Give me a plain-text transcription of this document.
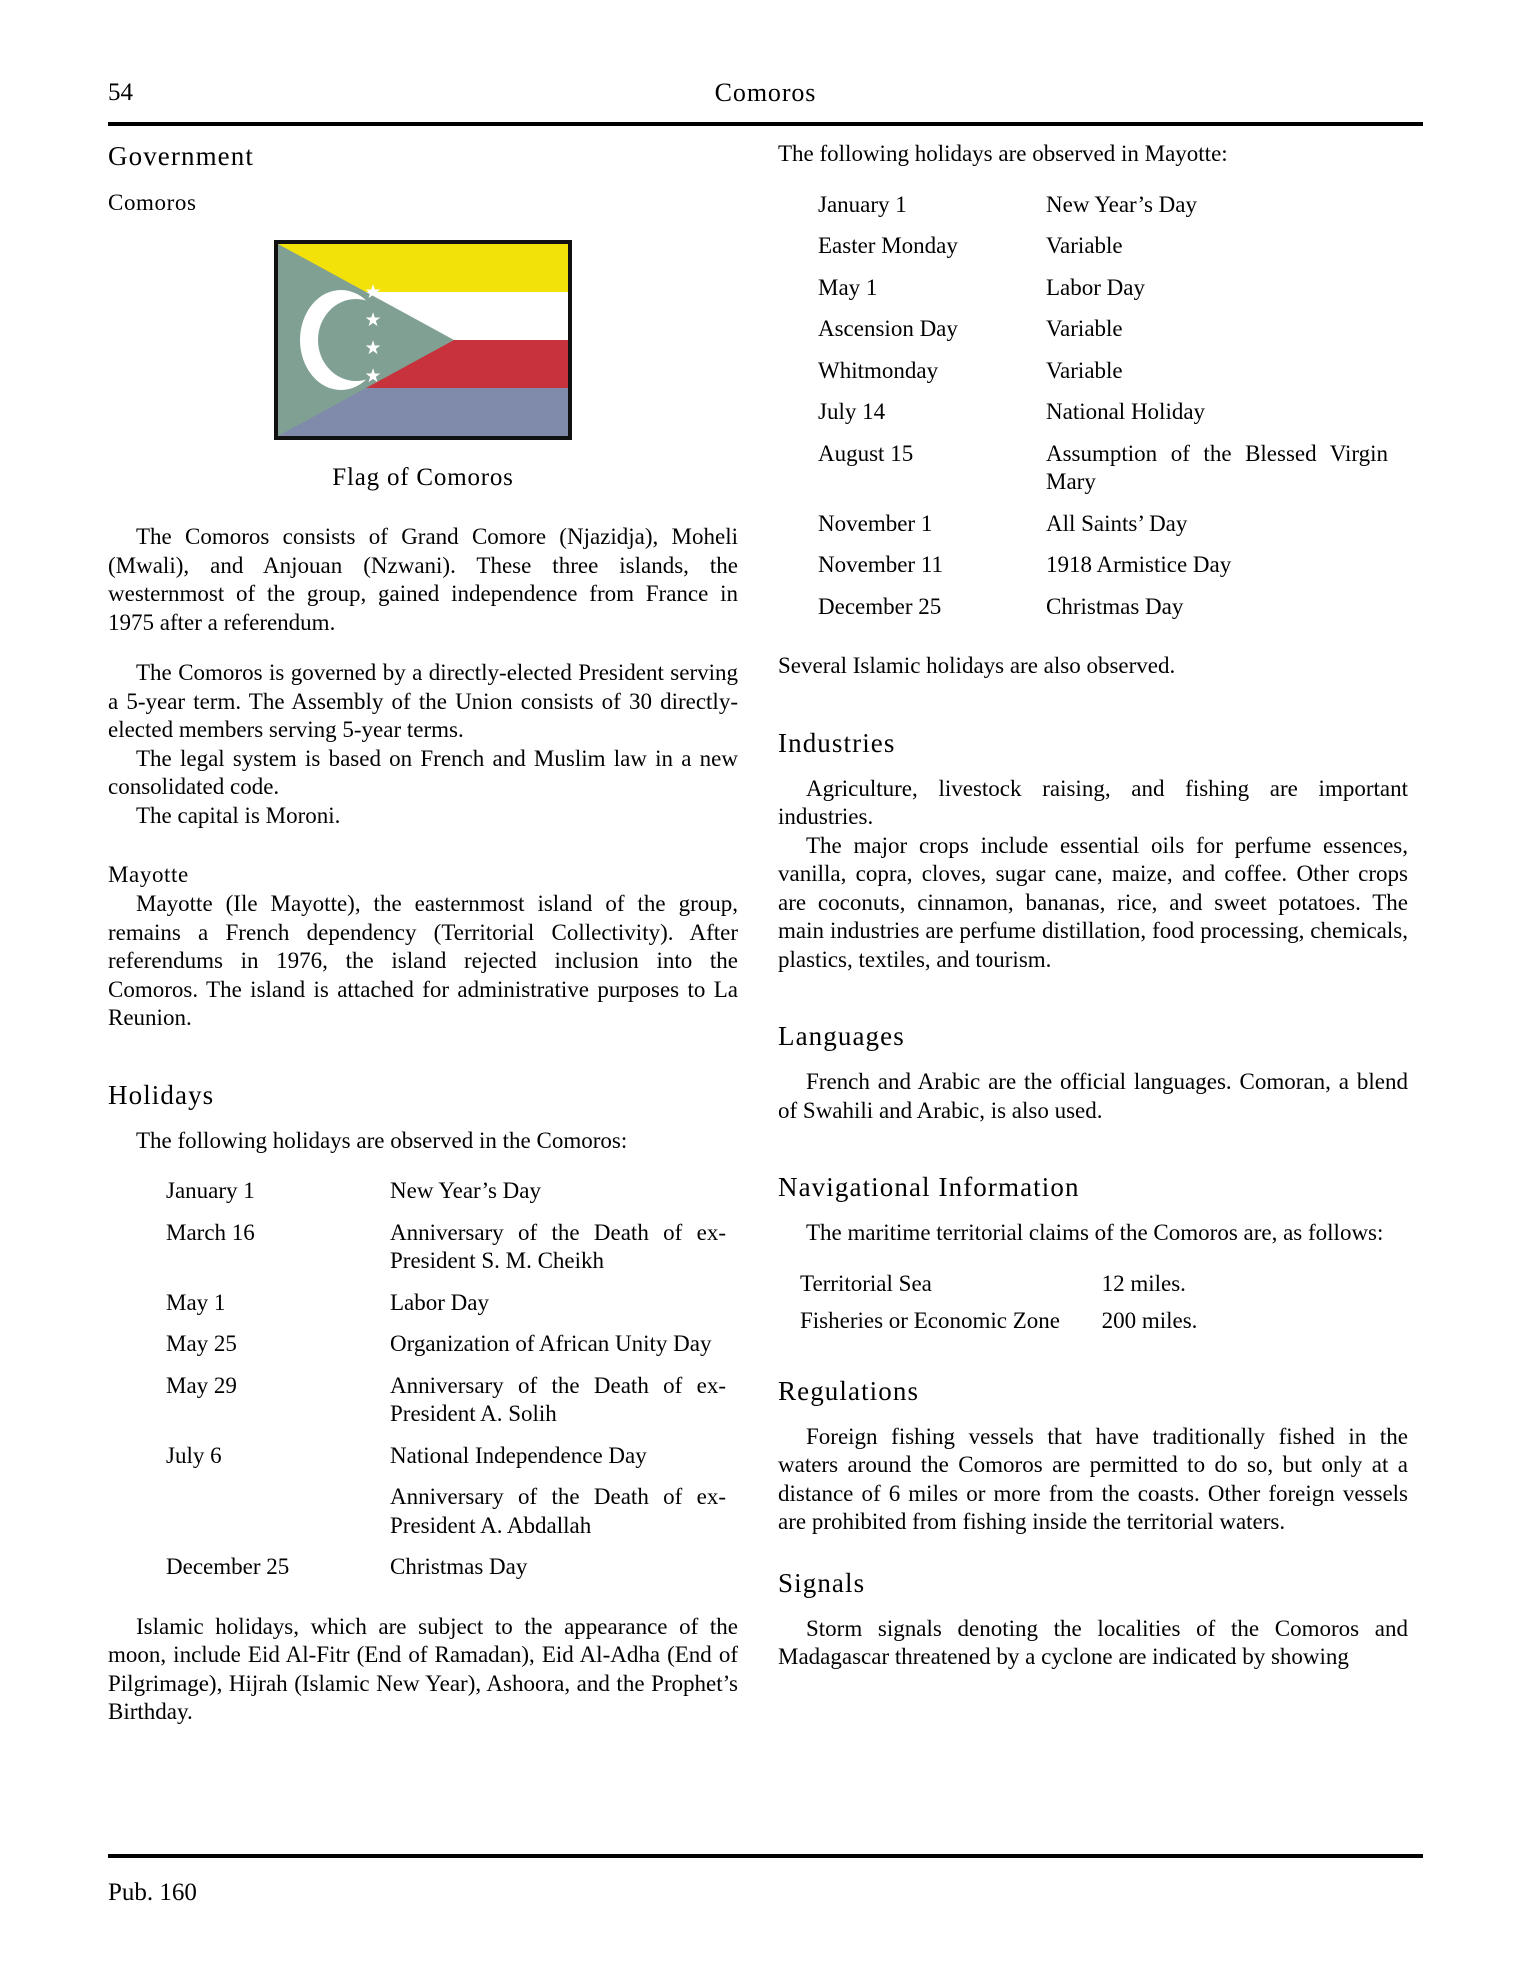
54	Comoros
Government
Comoros
★
★
★
★
Flag of Comoros

The Comoros consists of Grand Comore (Njazidja), Moheli (Mwali), and Anjouan (Nzwani). These three islands, the westernmost of the group, gained independence from France in 1975 after a referendum.

The Comoros is governed by a directly-elected President serving a 5-year term. The Assembly of the Union consists of 30 directly-elected members serving 5-year terms.

The legal system is based on French and Muslim law in a new consolidated code.

The capital is Moroni.

Mayotte

Mayotte (Ile Mayotte), the easternmost island of the group, remains a French dependency (Territorial Collectivity). After referendums in 1976, the island rejected inclusion into the Comoros. The island is attached for administrative purposes to La Reunion.

Holidays

The following holidays are observed in the Comoros:

January 1	New Year’s Day
March 16	Anniversary of the Death of ex-President S. M. Cheikh
May 1	Labor Day
May 25	Organization of African Unity Day
May 29	Anniversary of the Death of ex-President A. Solih
July 6	National Independence Day
	Anniversary of the Death of ex-President A. Abdallah
December 25	Christmas Day

Islamic holidays, which are subject to the appearance of the moon, include Eid Al-Fitr (End of Ramadan), Eid Al-Adha (End of Pilgrimage), Hijrah (Islamic New Year), Ashoora, and the Prophet’s Birthday.

The following holidays are observed in Mayotte:

January 1	New Year’s Day
Easter Monday	Variable
May 1	Labor Day
Ascension Day	Variable
Whitmonday	Variable
July 14	National Holiday
August 15	Assumption of the Blessed Virgin Mary
November 1	All Saints’ Day
November 11	1918 Armistice Day
December 25	Christmas Day

Several Islamic holidays are also observed.

Industries

Agriculture, livestock raising, and fishing are important industries.

The major crops include essential oils for perfume essences, vanilla, copra, cloves, sugar cane, maize, and coffee. Other crops are coconuts, cinnamon, bananas, rice, and sweet potatoes. The main industries are perfume distillation, food processing, chemicals, plastics, textiles, and tourism.

Languages

French and Arabic are the official languages. Comoran, a blend of Swahili and Arabic, is also used.

Navigational Information

The maritime territorial claims of the Comoros are, as follows:

Territorial Sea	12 miles.
Fisheries or Economic Zone	200 miles.
Regulations

Foreign fishing vessels that have traditionally fished in the waters around the Comoros are permitted to do so, but only at a distance of 6 miles or more from the coasts. Other foreign vessels are prohibited from fishing inside the territorial waters.

Signals

Storm signals denoting the localities of the Comoros and Madagascar threatened by a cyclone are indicated by showing

Pub. 160
